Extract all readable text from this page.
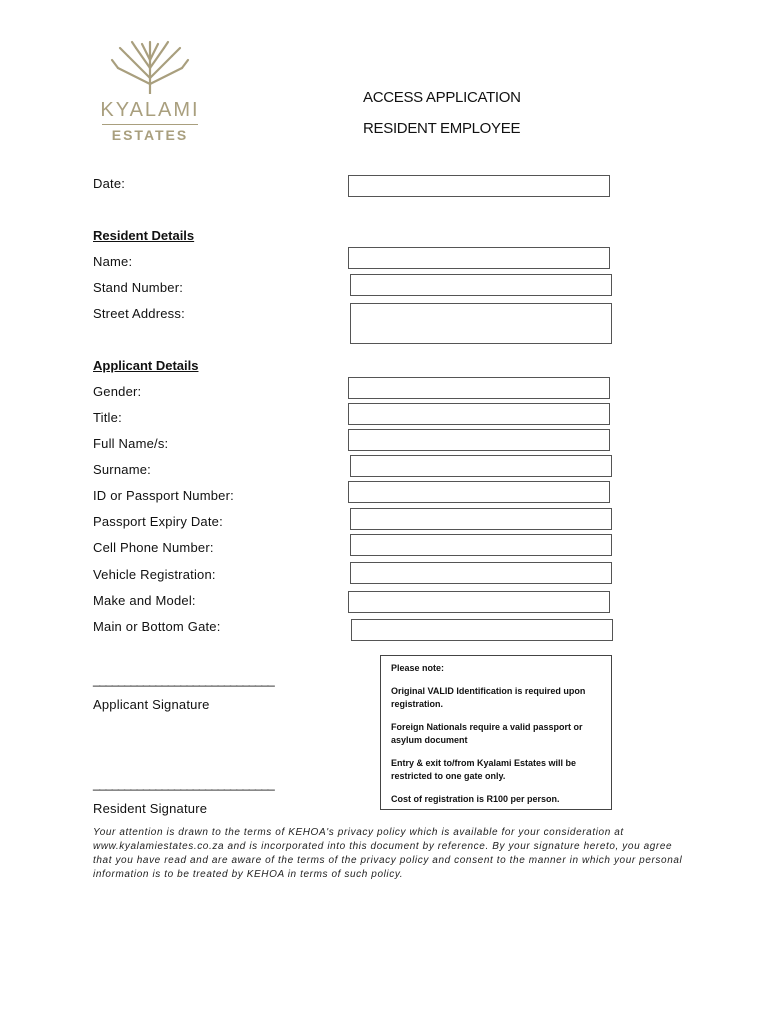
KYALAMI
ESTATES
ACCESS APPLICATION
RESIDENT EMPLOYEE
Date:
Resident Details
Name:
Stand Number:
Street Address:
Applicant Details
Gender:
Title:
Full Name/s:
Surname:
ID or Passport Number:
Passport Expiry Date:
Cell Phone Number:
Vehicle Registration:
Make and Model:
Main or Bottom Gate:
_____________________________
Applicant Signature
_____________________________
Resident Signature

Please note:

Original VALID Identification is required upon registration.

Foreign Nationals require a valid passport or asylum document

Entry & exit to/from Kyalami Estates will be restricted to one gate only.

Cost of registration is R100 per person.

Your attention is drawn to the terms of KEHOA's privacy policy which is available for your consideration at www.kyalamiestates.co.za and is incorporated into this document by reference. By your signature hereto, you agree that you have read and are aware of the terms of the privacy policy and consent to the manner in which your personal information is to be treated by KEHOA in terms of such policy.
